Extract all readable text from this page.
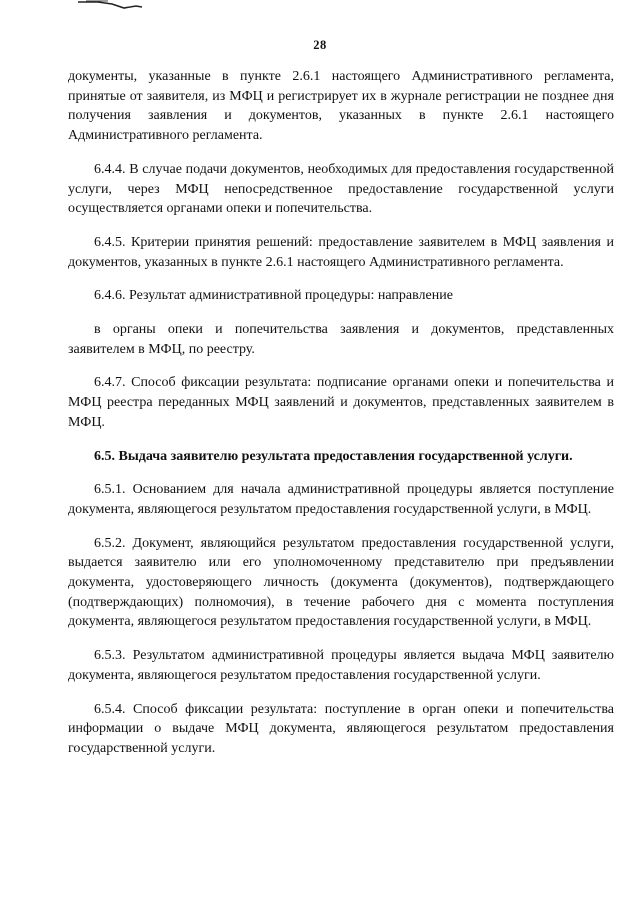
28

документы, указанные в пункте 2.6.1 настоящего Административного регламента, принятые от заявителя, из МФЦ и регистрирует их в журнале регистрации не позднее дня получения заявления и документов, указанных в пункте 2.6.1 настоящего Административного регламента.

6.4.4. В случае подачи документов, необходимых для предоставления государственной услуги, через МФЦ непосредственное предоставление государственной услуги осуществляется органами опеки и попечительства.

6.4.5. Критерии принятия решений: предоставление заявителем в МФЦ заявления и документов, указанных в пункте 2.6.1 настоящего Административного регламента.

6.4.6. Результат административной процедуры: направление

в органы опеки и попечительства заявления и документов, представленных заявителем в МФЦ, по реестру.

6.4.7. Способ фиксации результата: подписание органами опеки и попечительства и МФЦ реестра переданных МФЦ заявлений и документов, представленных заявителем в МФЦ.

6.5. Выдача заявителю результата предоставления государственной услуги.

6.5.1. Основанием для начала административной процедуры является поступление документа, являющегося результатом предоставления государственной услуги, в МФЦ.

6.5.2. Документ, являющийся результатом предоставления государственной услуги, выдается заявителю или его уполномоченному представителю при предъявлении документа, удостоверяющего личность (документа (документов), подтверждающего (подтверждающих) полномочия), в течение рабочего дня с момента поступления документа, являющегося результатом предоставления государственной услуги, в МФЦ.

6.5.3. Результатом административной процедуры является выдача МФЦ заявителю документа, являющегося результатом предоставления государственной услуги.

6.5.4. Способ фиксации результата: поступление в орган опеки и попечительства информации о выдаче МФЦ документа, являющегося результатом предоставления государственной услуги.
